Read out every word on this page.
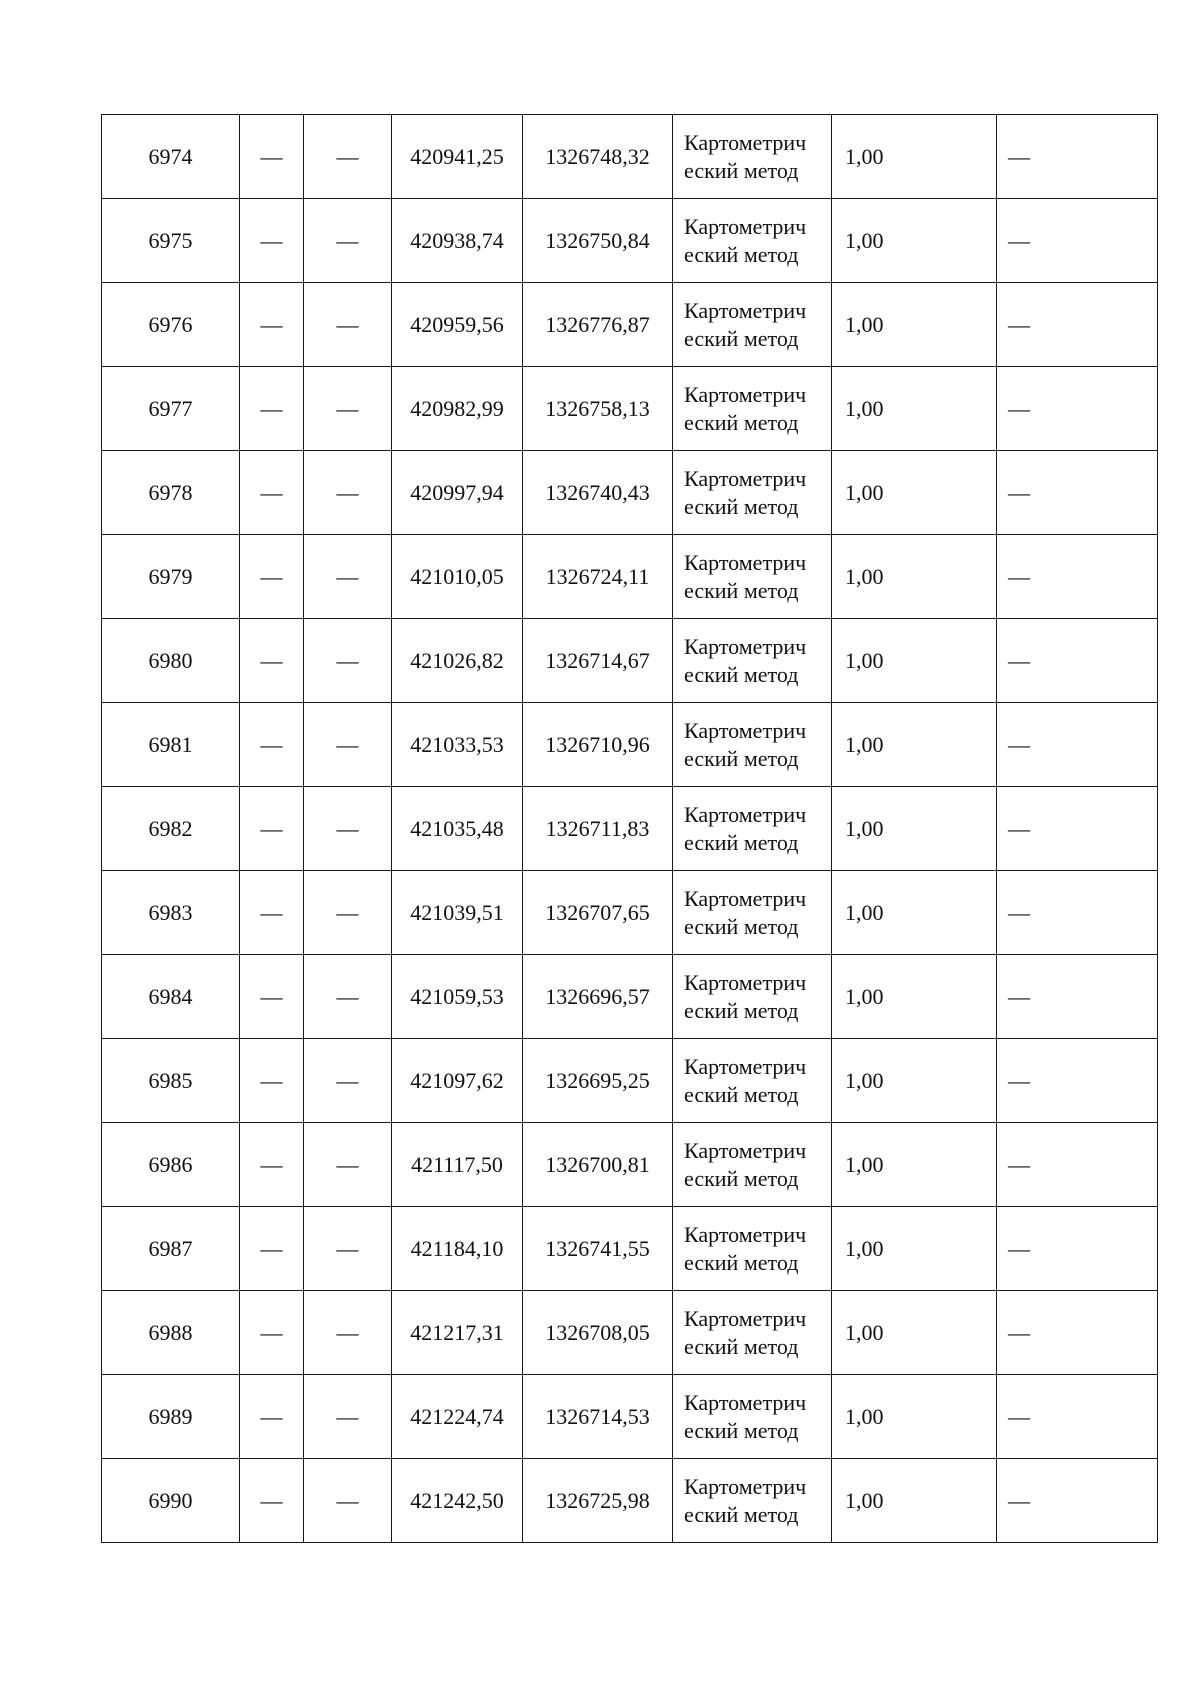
6974	—	—	420941,25	1326748,32	Картометрический метод	1,00	—
6975	—	—	420938,74	1326750,84	Картометрический метод	1,00	—
6976	—	—	420959,56	1326776,87	Картометрический метод	1,00	—
6977	—	—	420982,99	1326758,13	Картометрический метод	1,00	—
6978	—	—	420997,94	1326740,43	Картометрический метод	1,00	—
6979	—	—	421010,05	1326724,11	Картометрический метод	1,00	—
6980	—	—	421026,82	1326714,67	Картометрический метод	1,00	—
6981	—	—	421033,53	1326710,96	Картометрический метод	1,00	—
6982	—	—	421035,48	1326711,83	Картометрический метод	1,00	—
6983	—	—	421039,51	1326707,65	Картометрический метод	1,00	—
6984	—	—	421059,53	1326696,57	Картометрический метод	1,00	—
6985	—	—	421097,62	1326695,25	Картометрический метод	1,00	—
6986	—	—	421117,50	1326700,81	Картометрический метод	1,00	—
6987	—	—	421184,10	1326741,55	Картометрический метод	1,00	—
6988	—	—	421217,31	1326708,05	Картометрический метод	1,00	—
6989	—	—	421224,74	1326714,53	Картометрический метод	1,00	—
6990	—	—	421242,50	1326725,98	Картометрический метод	1,00	—
